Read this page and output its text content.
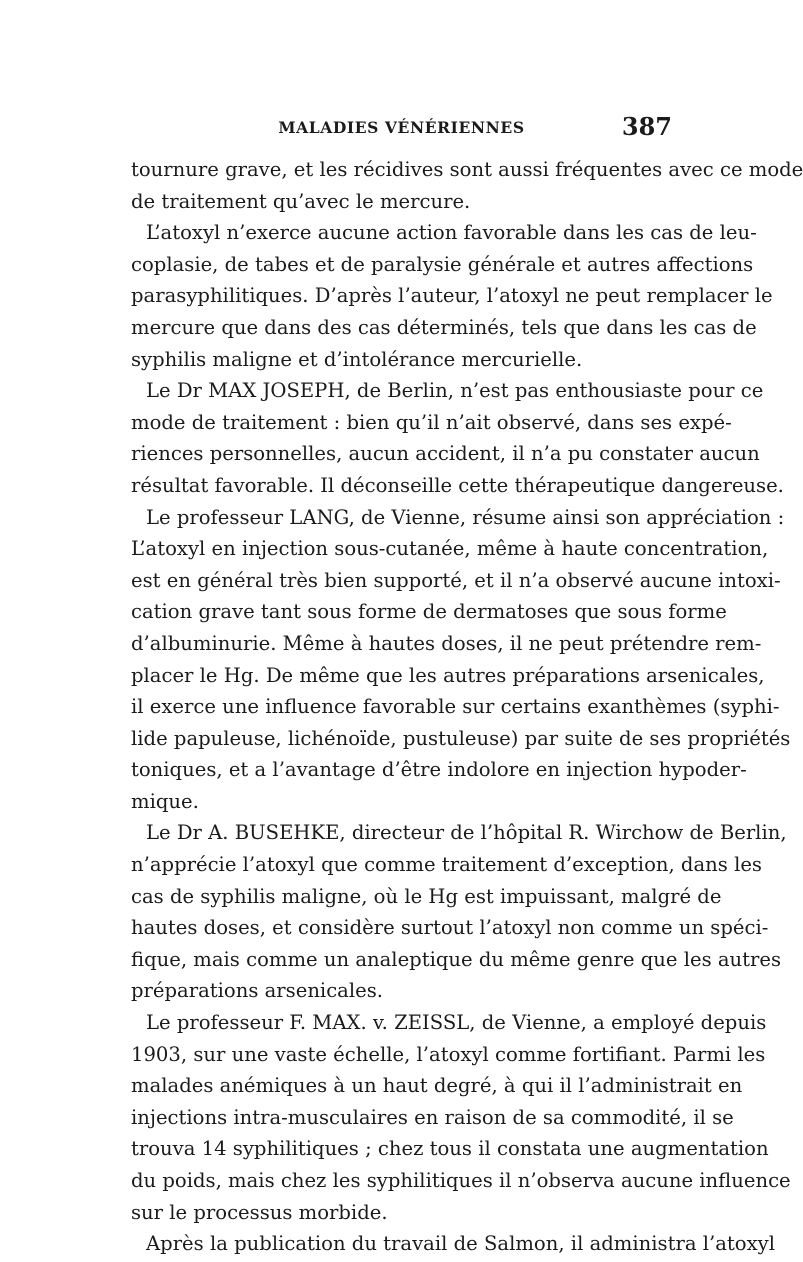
MALADIES VÉNÉRIENNES	387
tournure grave, et les récidives sont aussi fréquentes avec ce mode
de traitement qu’avec le mercure.
L’atoxyl n’exerce aucune action favorable dans les cas de leu-
coplasie, de tabes et de paralysie générale et autres affections
parasyphilitiques. D’après l’auteur, l’atoxyl ne peut remplacer le
mercure que dans des cas déterminés, tels que dans les cas de
syphilis maligne et d’intolérance mercurielle.
Le Dr MAX JOSEPH, de Berlin, n’est pas enthousiaste pour ce
mode de traitement : bien qu’il n’ait observé, dans ses expé-
riences personnelles, aucun accident, il n’a pu constater aucun
résultat favorable. Il déconseille cette thérapeutique dangereuse.
Le professeur LANG, de Vienne, résume ainsi son appréciation :
L’atoxyl en injection sous-cutanée, même à haute concentration,
est en général très bien supporté, et il n’a observé aucune intoxi-
cation grave tant sous forme de dermatoses que sous forme
d’albuminurie. Même à hautes doses, il ne peut prétendre rem-
placer le Hg. De même que les autres préparations arsenicales,
il exerce une influence favorable sur certains exanthèmes (syphi-
lide papuleuse, lichénoïde, pustuleuse) par suite de ses propriétés
toniques, et a l’avantage d’être indolore en injection hypoder-
mique.
Le Dr A. BUSEHKE, directeur de l’hôpital R. Wirchow de Berlin,
n’apprécie l’atoxyl que comme traitement d’exception, dans les
cas de syphilis maligne, où le Hg est impuissant, malgré de
hautes doses, et considère surtout l’atoxyl non comme un spéci-
fique, mais comme un analeptique du même genre que les autres
préparations arsenicales.
Le professeur F. MAX. v. ZEISSL, de Vienne, a employé depuis
1903, sur une vaste échelle, l’atoxyl comme fortifiant. Parmi les
malades anémiques à un haut degré, à qui il l’administrait en
injections intra-musculaires en raison de sa commodité, il se
trouva 14 syphilitiques ; chez tous il constata une augmentation
du poids, mais chez les syphilitiques il n’observa aucune influence
sur le processus morbide.
Après la publication du travail de Salmon, il administra l’atoxyl
